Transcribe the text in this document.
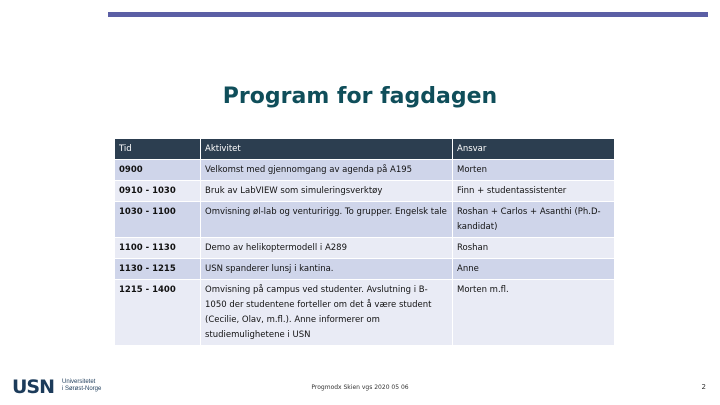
Program for fagdagen
Tid	Aktivitet	Ansvar
0900	Velkomst med gjennomgang av agenda på A195	Morten
0910 - 1030	Bruk av LabVIEW som simuleringsverktøy	Finn + studentassistenter
1030 - 1100	Omvisning øl-lab og venturirigg. To grupper. Engelsk tale	Roshan + Carlos + Asanthi (Ph.D-kandidat)
1100 - 1130	Demo av helikoptermodell i A289	Roshan
1130 - 1215	USN spanderer lunsj i kantina.	Anne
1215 - 1400	Omvisning på campus ved studenter. Avslutning i B-1050 der studentene forteller om det å være student (Cecilie, Olav, m.fl.). Anne informerer om studiemulighetene i USN	Morten m.fl.
USN Universitetet
i Sørøst-Norge	Progmodx Skien vgs 2020 05 06	2
